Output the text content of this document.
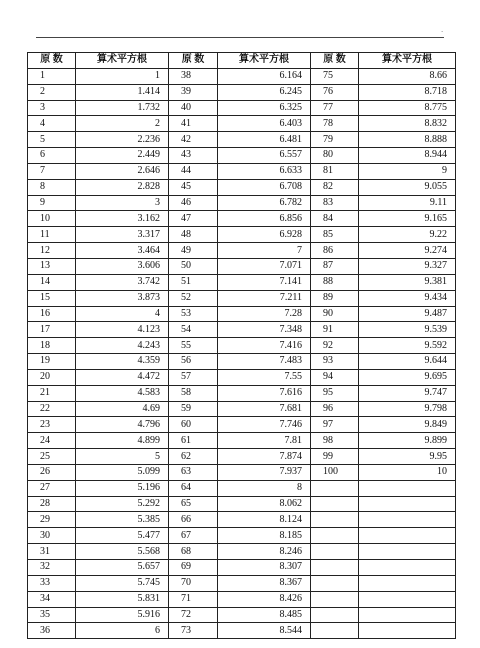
·
原 数	算术平方根	原 数	算术平方根	原 数	算术平方根
1	1	38	6.164	75	8.66
2	1.414	39	6.245	76	8.718
3	1.732	40	6.325	77	8.775
4	2	41	6.403	78	8.832
5	2.236	42	6.481	79	8.888
6	2.449	43	6.557	80	8.944
7	2.646	44	6.633	81	9
8	2.828	45	6.708	82	9.055
9	3	46	6.782	83	9.11
10	3.162	47	6.856	84	9.165
11	3.317	48	6.928	85	9.22
12	3.464	49	7	86	9.274
13	3.606	50	7.071	87	9.327
14	3.742	51	7.141	88	9.381
15	3.873	52	7.211	89	9.434
16	4	53	7.28	90	9.487
17	4.123	54	7.348	91	9.539
18	4.243	55	7.416	92	9.592
19	4.359	56	7.483	93	9.644
20	4.472	57	7.55	94	9.695
21	4.583	58	7.616	95	9.747
22	4.69	59	7.681	96	9.798
23	4.796	60	7.746	97	9.849
24	4.899	61	7.81	98	9.899
25	5	62	7.874	99	9.95
26	5.099	63	7.937	100	10
27	5.196	64	8		
28	5.292	65	8.062		
29	5.385	66	8.124		
30	5.477	67	8.185		
31	5.568	68	8.246		
32	5.657	69	8.307		
33	5.745	70	8.367		
34	5.831	71	8.426		
35	5.916	72	8.485		
36	6	73	8.544		
